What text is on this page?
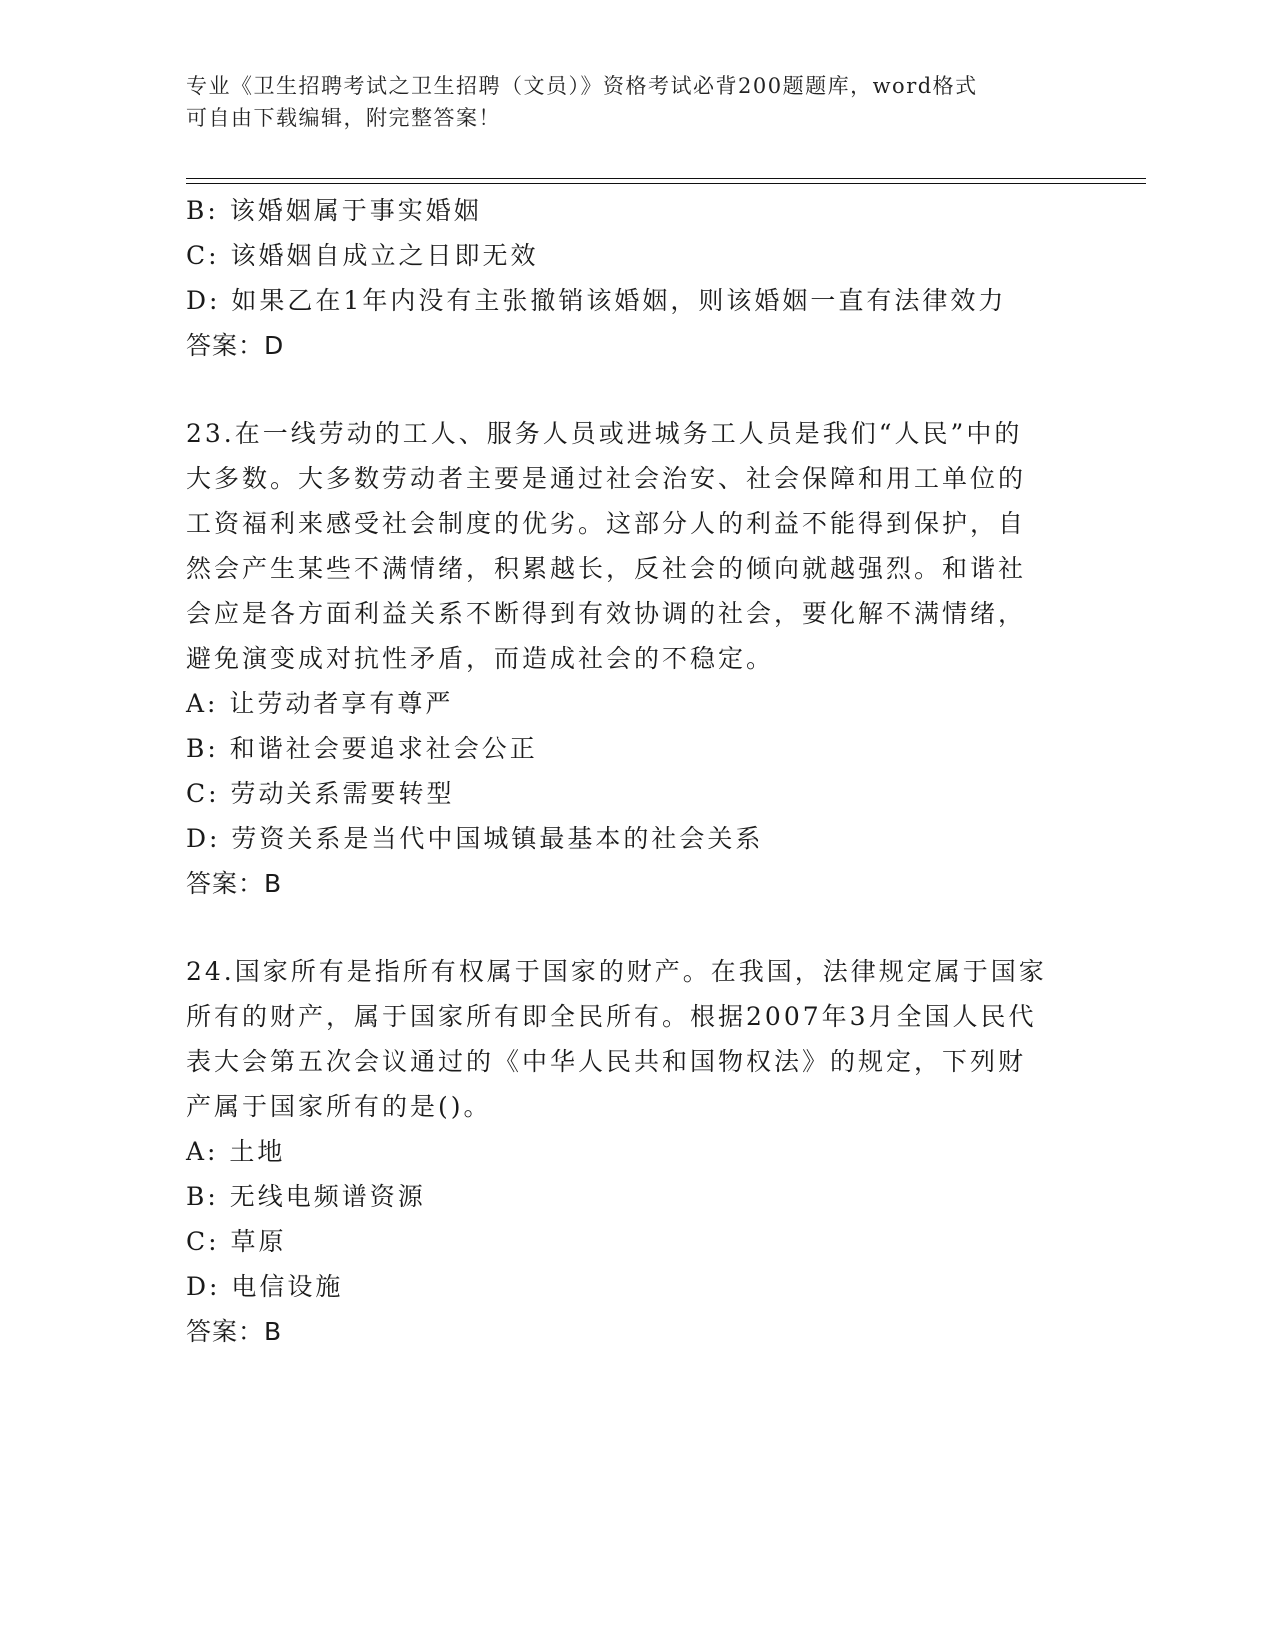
专业《卫生招聘考试之卫生招聘（文员）》资格考试必背200题题库，word格式
可自由下载编辑，附完整答案！
B: 该婚姻属于事实婚姻
C: 该婚姻自成立之日即无效
D: 如果乙在1年内没有主张撤销该婚姻，则该婚姻一直有法律效力
答案：D
23.在一线劳动的工人、服务人员或进城务工人员是我们“人民”中的
大多数。大多数劳动者主要是通过社会治安、社会保障和用工单位的
工资福利来感受社会制度的优劣。这部分人的利益不能得到保护，自
然会产生某些不满情绪，积累越长，反社会的倾向就越强烈。和谐社
会应是各方面利益关系不断得到有效协调的社会，要化解不满情绪，
避免演变成对抗性矛盾，而造成社会的不稳定。
A: 让劳动者享有尊严
B: 和谐社会要追求社会公正
C: 劳动关系需要转型
D: 劳资关系是当代中国城镇最基本的社会关系
答案：B
24.国家所有是指所有权属于国家的财产。在我国，法律规定属于国家
所有的财产，属于国家所有即全民所有。根据2007年3月全国人民代
表大会第五次会议通过的《中华人民共和国物权法》的规定，下列财
产属于国家所有的是()。
A: 土地
B: 无线电频谱资源
C: 草原
D: 电信设施
答案：B
